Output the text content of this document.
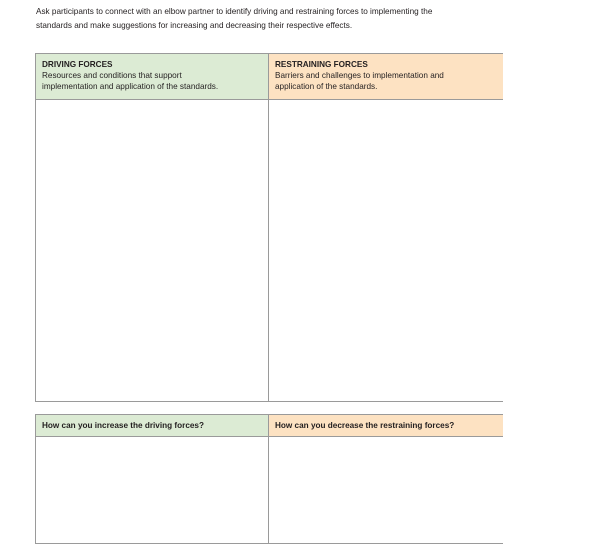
Ask participants to connect with an elbow partner to identify driving and restraining forces to implementing the
standards and make suggestions for increasing and decreasing their respective effects.
DRIVING FORCES
Resources and conditions that support
implementation and application of the standards.
RESTRAINING FORCES
Barriers and challenges to implementation and
application of the standards.
How can you increase the driving forces?	How can you decrease the restraining forces?
